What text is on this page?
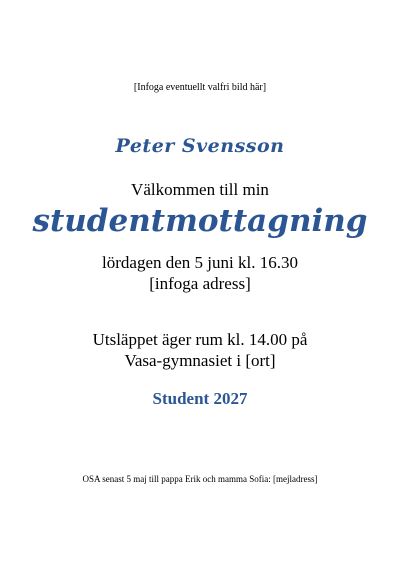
[Infoga eventuellt valfri bild här]
Peter Svensson
Välkommen till min
studentmottagning
lördagen den 5 juni kl. 16.30
[infoga adress]
Utsläppet äger rum kl. 14.00 på
Vasa-gymnasiet i [ort]
Student 2027
OSA senast 5 maj till pappa Erik och mamma Sofia: [mejladress]
